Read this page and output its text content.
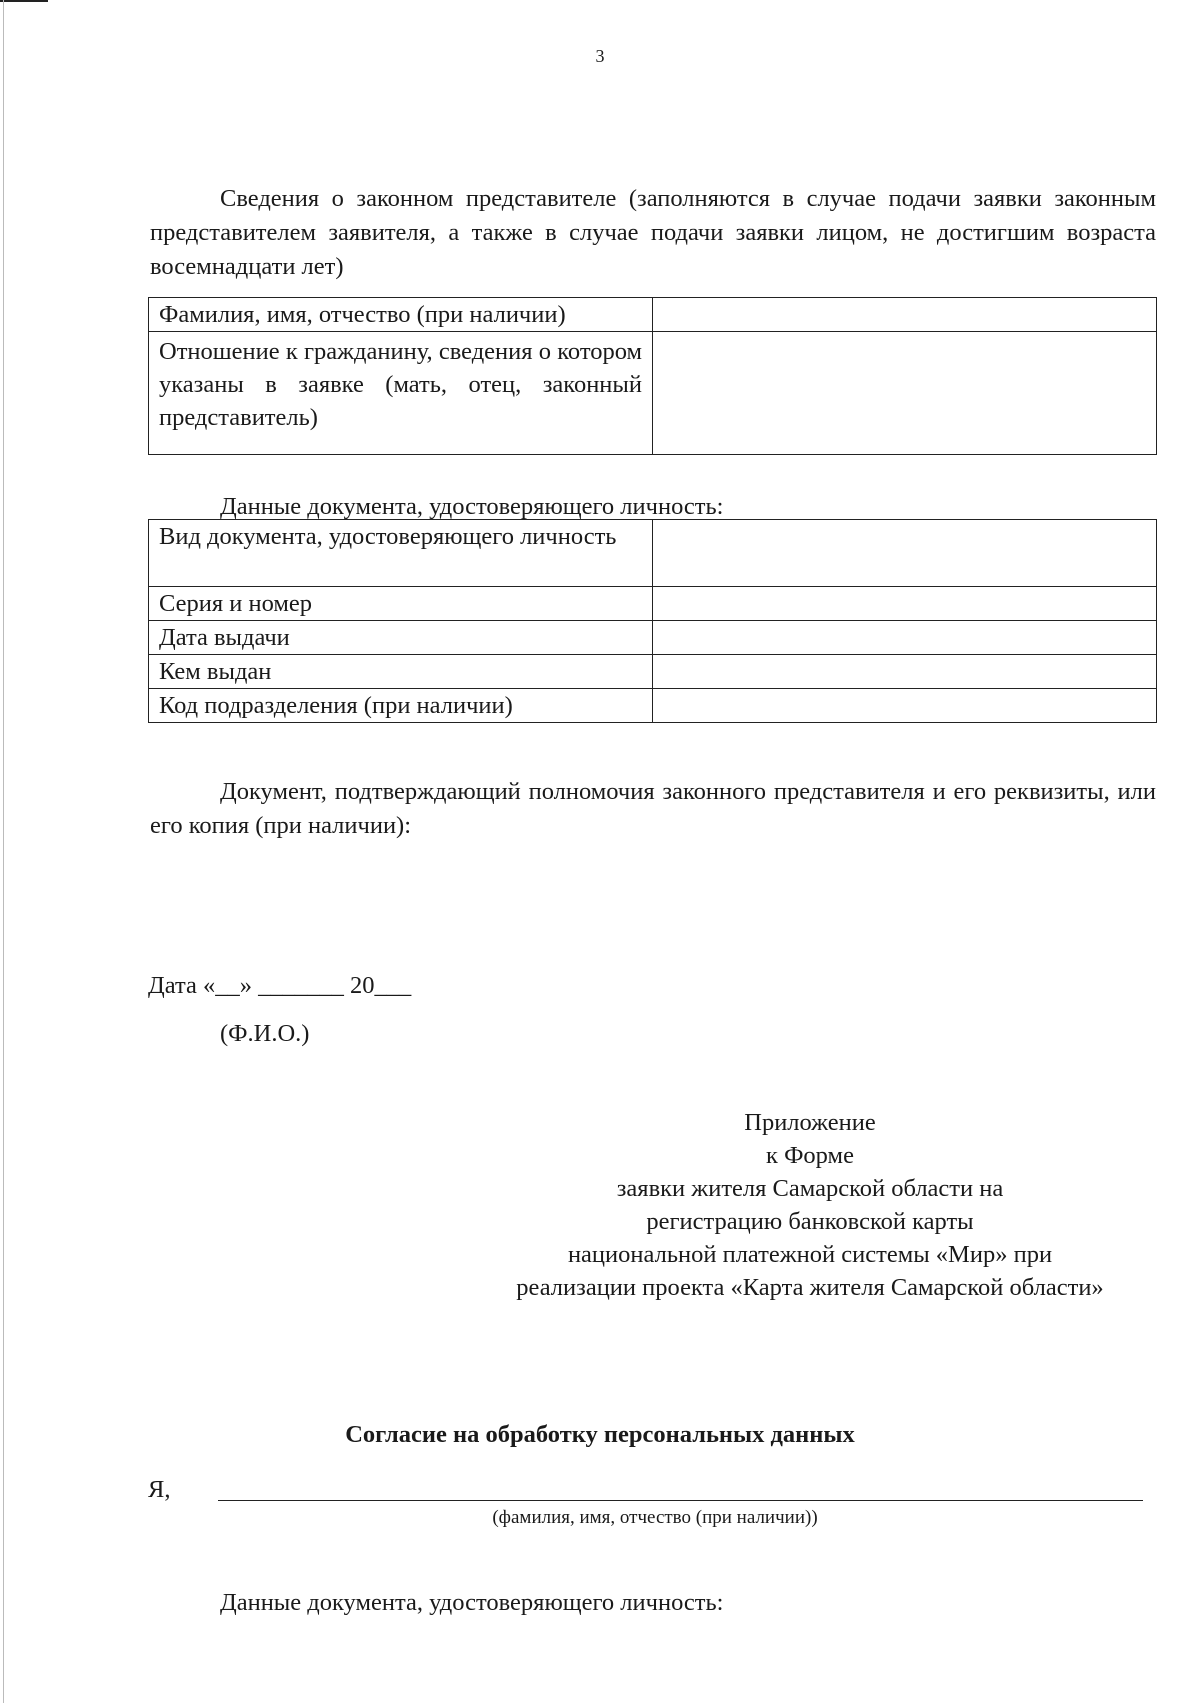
3

Сведения о законном представителе (заполняются в случае подачи заявки законным представителем заявителя, а также в случае подачи заявки лицом, не достигшим возраста восемнадцати лет)

Фамилия, имя, отчество (при наличии)	
Отношение к гражданину, сведения о котором указаны в заявке (мать, отец, законный представитель)	
Данные документа, удостоверяющего личность:
Вид документа, удостоверяющего личность	
Серия и номер	
Дата выдачи	
Кем выдан	
Код подразделения (при наличии)	

Документ, подтверждающий полномочия законного представителя и его реквизиты, или его копия (при наличии):

Дата «__» _______ 20___
(Ф.И.О.)
Приложение
к Форме
заявки жителя Самарской области на
регистрацию банковской карты
национальной платежной системы «Мир» при
реализации проекта «Карта жителя Самарской области»
Согласие на обработку персональных данных
Я,
(фамилия, имя, отчество (при наличии))
Данные документа, удостоверяющего личность:
